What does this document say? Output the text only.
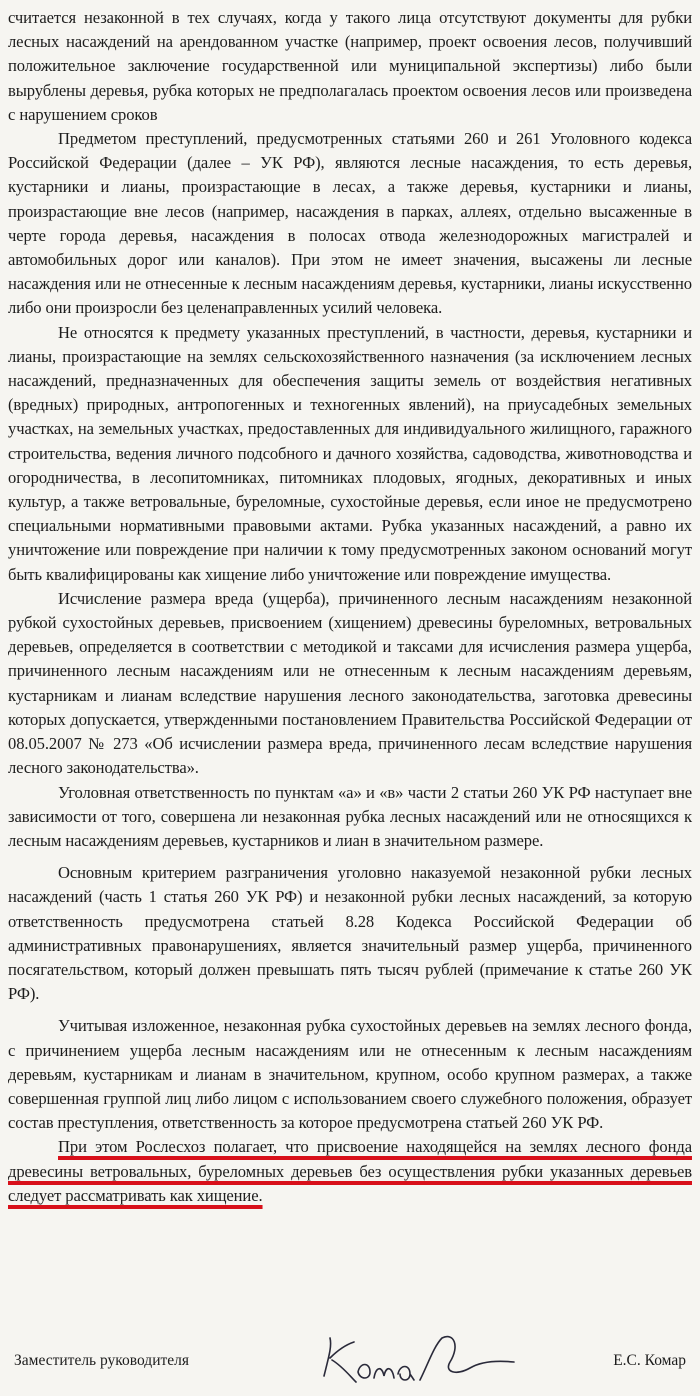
считается незаконной в тех случаях, когда у такого лица отсутствуют документы для рубки лесных насаждений на арендованном участке (например, проект освоения лесов, получивший положительное заключение государственной или муниципальной экспертизы) либо были вырублены деревья, рубка которых не предполагалась проектом освоения лесов или произведена с нарушением сроков

Предметом преступлений, предусмотренных статьями 260 и 261 Уголовного кодекса Российской Федерации (далее – УК РФ), являются лесные насаждения, то есть деревья, кустарники и лианы, произрастающие в лесах, а также деревья, кустарники и лианы, произрастающие вне лесов (например, насаждения в парках, аллеях, отдельно высаженные в черте города деревья, насаждения в полосах отвода железнодорожных магистралей и автомобильных дорог или каналов). При этом не имеет значения, высажены ли лесные насаждения или не отнесенные к лесным насаждениям деревья, кустарники, лианы искусственно либо они произросли без целенаправленных усилий человека.

Не относятся к предмету указанных преступлений, в частности, деревья, кустарники и лианы, произрастающие на землях сельскохозяйственного назначения (за исключением лесных насаждений, предназначенных для обеспечения защиты земель от воздействия негативных (вредных) природных, антропогенных и техногенных явлений), на приусадебных земельных участках, на земельных участках, предоставленных для индивидуального жилищного, гаражного строительства, ведения личного подсобного и дачного хозяйства, садоводства, животноводства и огородничества, в лесопитомниках, питомниках плодовых, ягодных, декоративных и иных культур, а также ветровальные, буреломные, сухостойные деревья, если иное не предусмотрено специальными нормативными правовыми актами. Рубка указанных насаждений, а равно их уничтожение или повреждение при наличии к тому предусмотренных законом оснований могут быть квалифицированы как хищение либо уничтожение или повреждение имущества.

Исчисление размера вреда (ущерба), причиненного лесным насаждениям незаконной рубкой сухостойных деревьев, присвоением (хищением) древесины буреломных, ветровальных деревьев, определяется в соответствии с методикой и таксами для исчисления размера ущерба, причиненного лесным насаждениям или не отнесенным к лесным насаждениям деревьям, кустарникам и лианам вследствие нарушения лесного законодательства, заготовка древесины которых допускается, утвержденными постановлением Правительства Российской Федерации от 08.05.2007 № 273 «Об исчислении размера вреда, причиненного лесам вследствие нарушения лесного законодательства».

Уголовная ответственность по пунктам «а» и «в» части 2 статьи 260 УК РФ наступает вне зависимости от того, совершена ли незаконная рубка лесных насаждений или не относящихся к лесным насаждениям деревьев, кустарников и лиан в значительном размере.

Основным критерием разграничения уголовно наказуемой незаконной рубки лесных насаждений (часть 1 статья 260 УК РФ) и незаконной рубки лесных насаждений, за которую ответственность предусмотрена статьей 8.28 Кодекса Российской Федерации об административных правонарушениях, является значительный размер ущерба, причиненного посягательством, который должен превышать пять тысяч рублей (примечание к статье 260 УК РФ).

Учитывая изложенное, незаконная рубка сухостойных деревьев на землях лесного фонда, с причинением ущерба лесным насаждениям или не отнесенным к лесным насаждениям деревьям, кустарникам и лианам в значительном, крупном, особо крупном размерах, а также совершенная группой лиц либо лицом с использованием своего служебного положения, образует состав преступления, ответственность за которое предусмотрена статьей 260 УК РФ.

При этом Рослесхоз полагает, что присвоение находящейся на землях лесного фонда древесины ветровальных, буреломных деревьев без осуществления рубки указанных деревьев следует рассматривать как хищение.

Заместитель руководителя	Е.С. Комар
